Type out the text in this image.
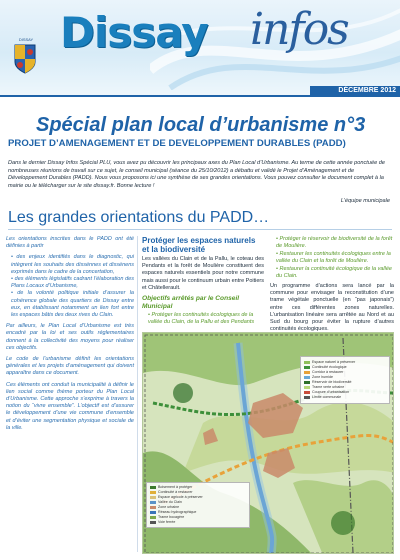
DISSAY Dissay infos
DÉCEMBRE 2012
Spécial plan local d’urbanisme n°3
PROJET D’AMENAGEMENT ET DE DEVELOPPEMENT DURABLES (PADD)
Dans le dernier Dissay Infos Spécial PLU, vous avez pu découvrir les principaux axes du Plan Local d’Urbanisme. Au terme de cette année ponctuée de nombreuses réunions de travail sur ce sujet, le conseil municipal (séance du 25/10/2012) a débattu et validé le Projet d’Aménagement et de Développement Durables (PADD). Nous vous proposons ici une synthèse de ses grandes orientations. Vous pouvez consulter le document complet à la mairie ou le télécharger sur le site dissay.fr. Bonne lecture !
L’équipe municipale
Les grandes orientations du PADD…

Les orientations inscrites dans le PADD ont été définies à partir

• des enjeux identifiés dans le diagnostic, qui intègrent les souhaits des dissénnes et dissénens exprimés dans le cadre de la concertation,
• des éléments législatifs cadrant l’élaboration des Plans Locaux d’Urbanisme,
• de la volonté politique initiale d’assurer la cohérence globale des quartiers de Dissay entre eux, en établissant notamment un lien fort entre les espaces bâtis des deux rives du Clain.

Par ailleurs, le Plan Local d’Urbanisme est très encadré par la loi et ses outils réglementaires donnent à la collectivité des moyens pour réaliser ces objectifs.

Le code de l’urbanisme définit les orientations générales et les projets d’aménagement qui doivent apparaître dans ce document.

Ces éléments ont conduit la municipalité à définir le lien social comme thème porteur du Plan Local d’Urbanisme. Cette approche s’exprime à travers la notion du “vivre ensemble”. L’objectif est d’assurer le développement d’une vie commune d’ensemble et d’éviter une segmentation physique et sociale de la ville.

Protéger les espaces naturels et la biodiversité
Les vallées du Clain et de la Pallu, le coteau des Pendants et la forêt de Moulière constituent des espaces naturels essentiels pour notre commune mais aussi pour le continuum urbain entre Poitiers et Châtellerault.
Objectifs arrêtés par le Conseil Municipal
• Protéger les continuités écologiques de la vallée du Clain, de la Pallu et des Pendants
• Protéger le réservoir de biodiversité de la forêt de Moulière.
• Restaurer les continuités écologiques entre la vallée du Clain et la forêt de Moulière.
• Restaurer la continuité écologique de la vallée du Clain.
Un programme d’actions sera lancé par la commune pour envisager la reconstitution d’une trame végétale ponctuelle (en “pas japonais”) entre ces différentes zones naturelles. L’urbanisation linéaire sera arrêtée au Nord et au Sud du bourg pour éviter la rupture d’autres continuités écologiques.
Espace naturel à préserver
Continuité écologique
Corridor à restaurer
Zone humide
Réservoir de biodiversité
Trame verte urbaine
Coupure d’urbanisation
Limite communale
Boisement à protéger
Continuité à restaurer
Espace agricole à préserver
Vallée du Clain
Zone urbaine
Réseau hydrographique
Trame bocagère
Voie ferrée
